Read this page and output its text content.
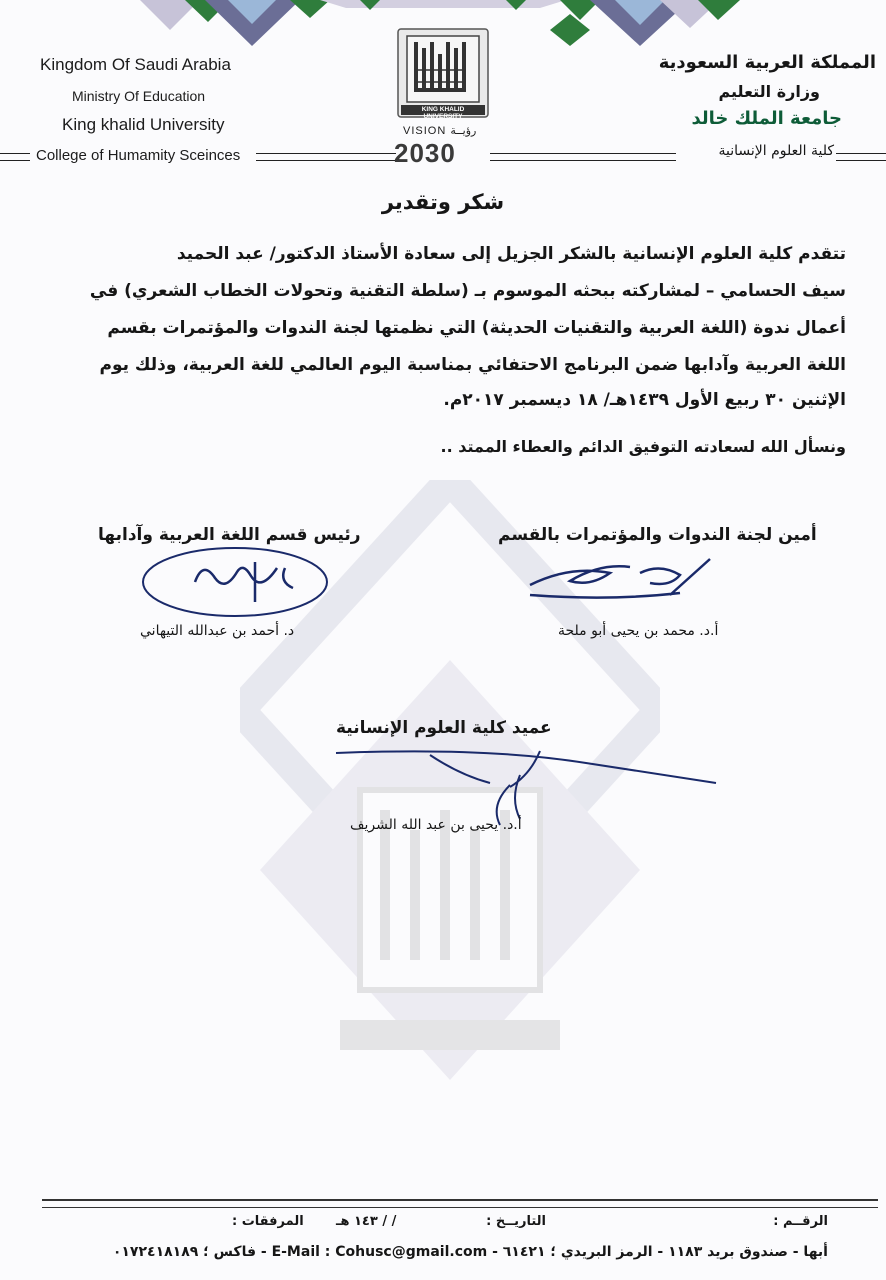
Kingdom Of Saudi Arabia
Ministry Of Education
King khalid University
College of Humamity Sceinces
المملكة العربية السعودية
وزارة التعليم
جامعة الملك خالد
كلية العلوم الإنسانية
KING KHALID UNIVERSITY
VISION رؤيــة
2030
شكر وتقدير
تتقدم كلية العلوم الإنسانية بالشكر الجزيل إلى سعادة الأستاذ الدكتور/ عبد الحميد
سيف الحسامي – لمشاركته ببحثه الموسوم بـ (سلطة التقنية وتحولات الخطاب الشعري) في
أعمال ندوة (اللغة العربية والتقنيات الحديثة) التي نظمتها لجنة الندوات والمؤتمرات بقسم
اللغة العربية وآدابها ضمن البرنامج الاحتفائي بمناسبة اليوم العالمي للغة العربية، وذلك يوم
الإثنين ٣٠ ربيع الأول ١٤٣٩هـ/ ١٨ ديسمبر ٢٠١٧م.
ونسأل الله لسعادته التوفيق الدائم والعطاء الممتد ..
رئيس قسم اللغة العربية وآدابها
د. أحمد بن عبدالله التيهاني
أمين لجنة الندوات والمؤتمرات بالقسم
أ.د. محمد بن يحيى أبو ملحة
عميد كلية العلوم الإنسانية
أ.د. يحيى بن عبد الله الشريف
الرقــم :
التاريــخ :
/ / ١٤٣ هـ
المرفقات :
أبها - صندوق بريد ١١٨٣ - الرمز البريدي ؛ ٦١٤٢١ - E-Mail : Cohusc@gmail.com - فاكس ؛ ٠١٧٢٤١٨١٨٩
